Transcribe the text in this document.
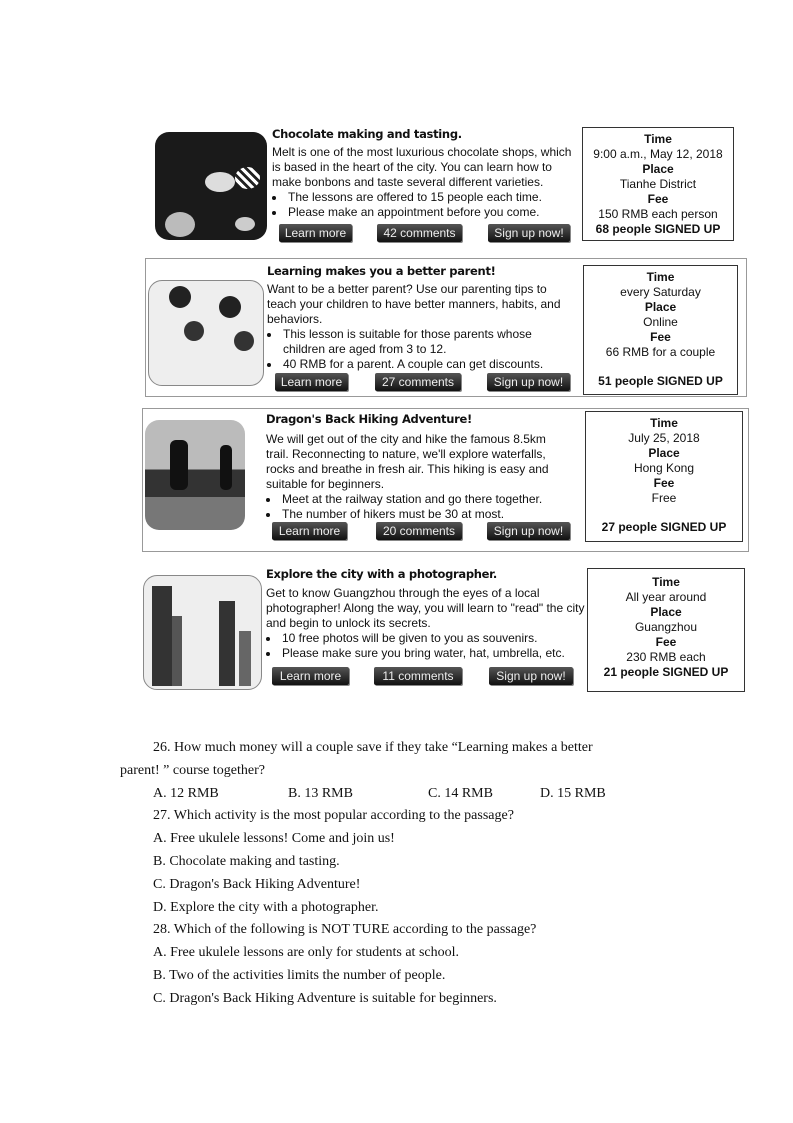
Chocolate making and tasting.
Melt is one of the most luxurious chocolate shops, which is based in the heart of the city. You can learn how to make bonbons and taste several different varieties.
• The lessons are offered to 15 people each time.
• Please make an appointment before you come.
Learn more	42 comments	Sign up now!
Time
9:00 a.m., May 12, 2018
Place
Tianhe District
Fee
150 RMB each person
68 people SIGNED UP
Learning makes you a better parent!
Want to be a better parent? Use our parenting tips to teach your children to have better manners, habits, and behaviors.
• This lesson is suitable for those parents whose children are aged from 3 to 12.
• 40 RMB for a parent. A couple can get discounts.
Learn more	27 comments	Sign up now!
Time
every Saturday
Place
Online
Fee
66 RMB for a couple
51 people SIGNED UP
Dragon's Back Hiking Adventure!
We will get out of the city and hike the famous 8.5km trail. Reconnecting to nature, we'll explore waterfalls, rocks and breathe in fresh air. This hiking is easy and suitable for beginners.
• Meet at the railway station and go there together.
• The number of hikers must be 30 at most.
Learn more	20 comments	Sign up now!
Time
July 25, 2018
Place
Hong Kong
Fee
Free
27 people SIGNED UP
Explore the city with a photographer.
Get to know Guangzhou through the eyes of a local photographer! Along the way, you will learn to "read" the city and begin to unlock its secrets.
• 10 free photos will be given to you as souvenirs.
• Please make sure you bring water, hat, umbrella, etc.
Learn more	11 comments	Sign up now!
Time
All year around
Place
Guangzhou
Fee
230 RMB each
21 people SIGNED UP
26. How much money will a couple save if they take “Learning makes a better
parent! ” course together?
A. 12 RMB	B. 13 RMB	C. 14 RMB	D. 15 RMB
27. Which activity is the most popular according to the passage?
A. Free ukulele lessons! Come and join us!
B. Chocolate making and tasting.
C. Dragon's Back Hiking Adventure!
D. Explore the city with a photographer.
28. Which of the following is NOT TURE according to the passage?
A. Free ukulele lessons are only for students at school.
B. Two of the activities limits the number of people.
C. Dragon's Back Hiking Adventure is suitable for beginners.
